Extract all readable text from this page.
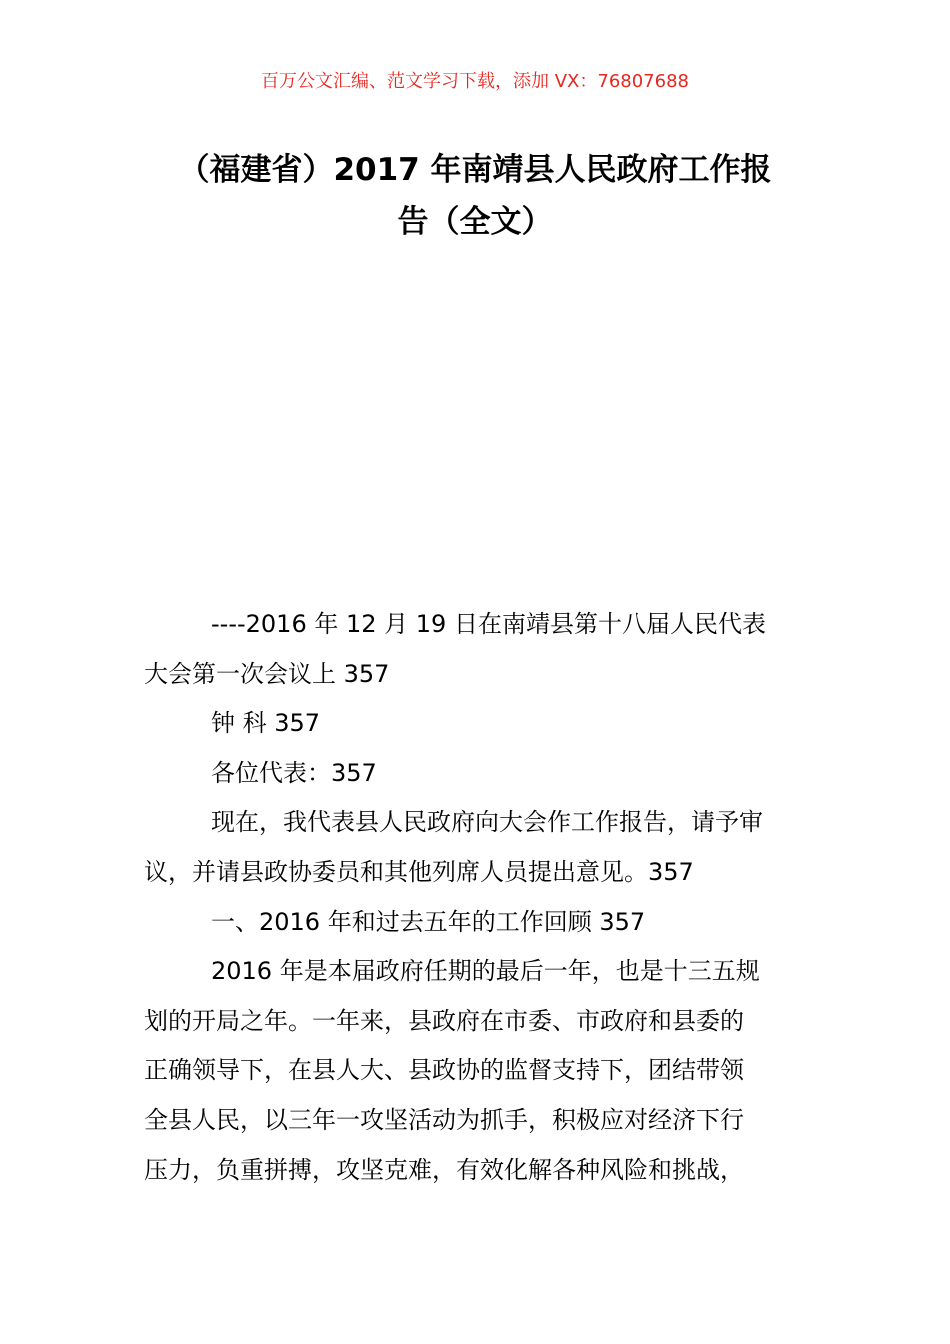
百万公文汇编、范文学习下载，添加 VX：76807688
（福建省）2017 年南靖县人民政府工作报
告（全文）

----2016 年 12 月 19 日在南靖县第十八届人民代表
大会第一次会议上 357

钟 科 357

各位代表：357

现在，我代表县人民政府向大会作工作报告，请予审
议，并请县政协委员和其他列席人员提出意见。357

一、2016 年和过去五年的工作回顾 357

2016 年是本届政府任期的最后一年，也是十三五规
划的开局之年。一年来，县政府在市委、市政府和县委的
正确领导下，在县人大、县政协的监督支持下，团结带领
全县人民，以三年一攻坚活动为抓手，积极应对经济下行
压力，负重拼搏，攻坚克难，有效化解各种风险和挑战，
